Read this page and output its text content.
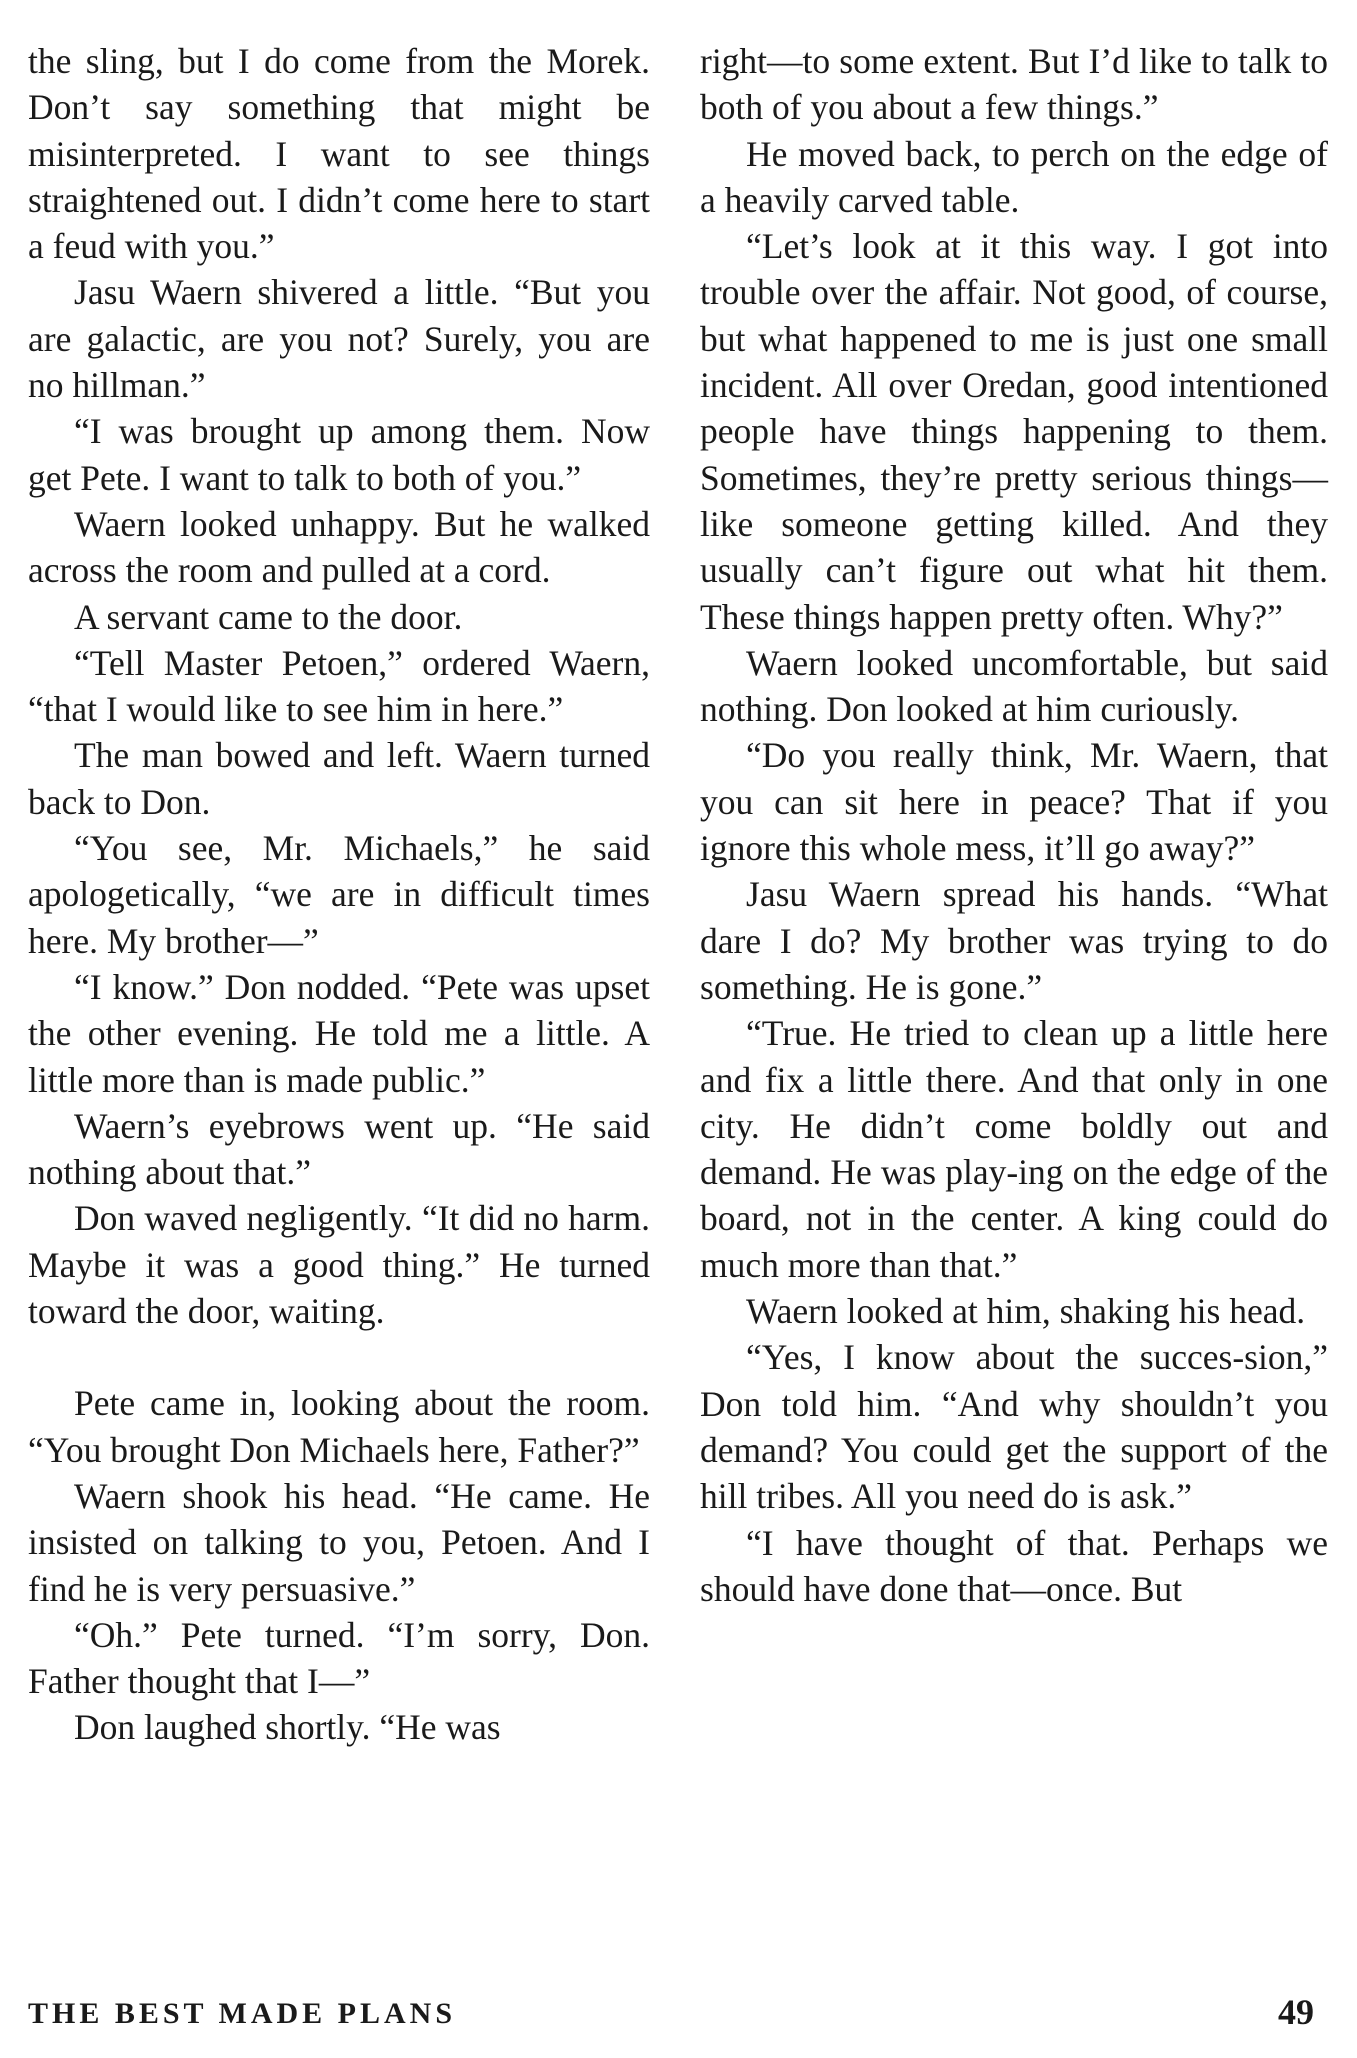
the sling, but I do come from the Morek. Don’t say something that might be misinterpreted. I want to see things straightened out. I didn’t come here to start a feud with you.”

Jasu Waern shivered a little. “But you are galactic, are you not? Surely, you are no hillman.”

“I was brought up among them. Now get Pete. I want to talk to both of you.”

Waern looked unhappy. But he walked across the room and pulled at a cord.

A servant came to the door.

“Tell Master Petoen,” ordered Waern, “that I would like to see him in here.”

The man bowed and left. Waern turned back to Don.

“You see, Mr. Michaels,” he said apologetically, “we are in difficult times here. My brother—”

“I know.” Don nodded. “Pete was upset the other evening. He told me a little. A little more than is made public.”

Waern’s eyebrows went up. “He said nothing about that.”

Don waved negligently. “It did no harm. Maybe it was a good thing.” He turned toward the door, waiting.

Pete came in, looking about the room. “You brought Don Michaels here, Father?”

Waern shook his head. “He came. He insisted on talking to you, Petoen. And I find he is very persuasive.”

“Oh.” Pete turned. “I’m sorry, Don. Father thought that I—”

Don laughed shortly. “He was

right—to some extent. But I’d like to talk to both of you about a few things.”

He moved back, to perch on the edge of a heavily carved table.

“Let’s look at it this way. I got into trouble over the affair. Not good, of course, but what happened to me is just one small incident. All over Oredan, good intentioned people have things happening to them. Sometimes, they’re pretty serious things—like someone getting killed. And they usually can’t figure out what hit them. These things happen pretty often. Why?”

Waern looked uncomfortable, but said nothing. Don looked at him curiously.

“Do you really think, Mr. Waern, that you can sit here in peace? That if you ignore this whole mess, it’ll go away?”

Jasu Waern spread his hands. “What dare I do? My brother was trying to do something. He is gone.”

“True. He tried to clean up a little here and fix a little there. And that only in one city. He didn’t come boldly out and demand. He was play-ing on the edge of the board, not in the center. A king could do much more than that.”

Waern looked at him, shaking his head.

“Yes, I know about the succes-sion,” Don told him. “And why shouldn’t you demand? You could get the support of the hill tribes. All you need do is ask.”

“I have thought of that. Perhaps we should have done that—once. But

THE BEST MADE PLANS	49
